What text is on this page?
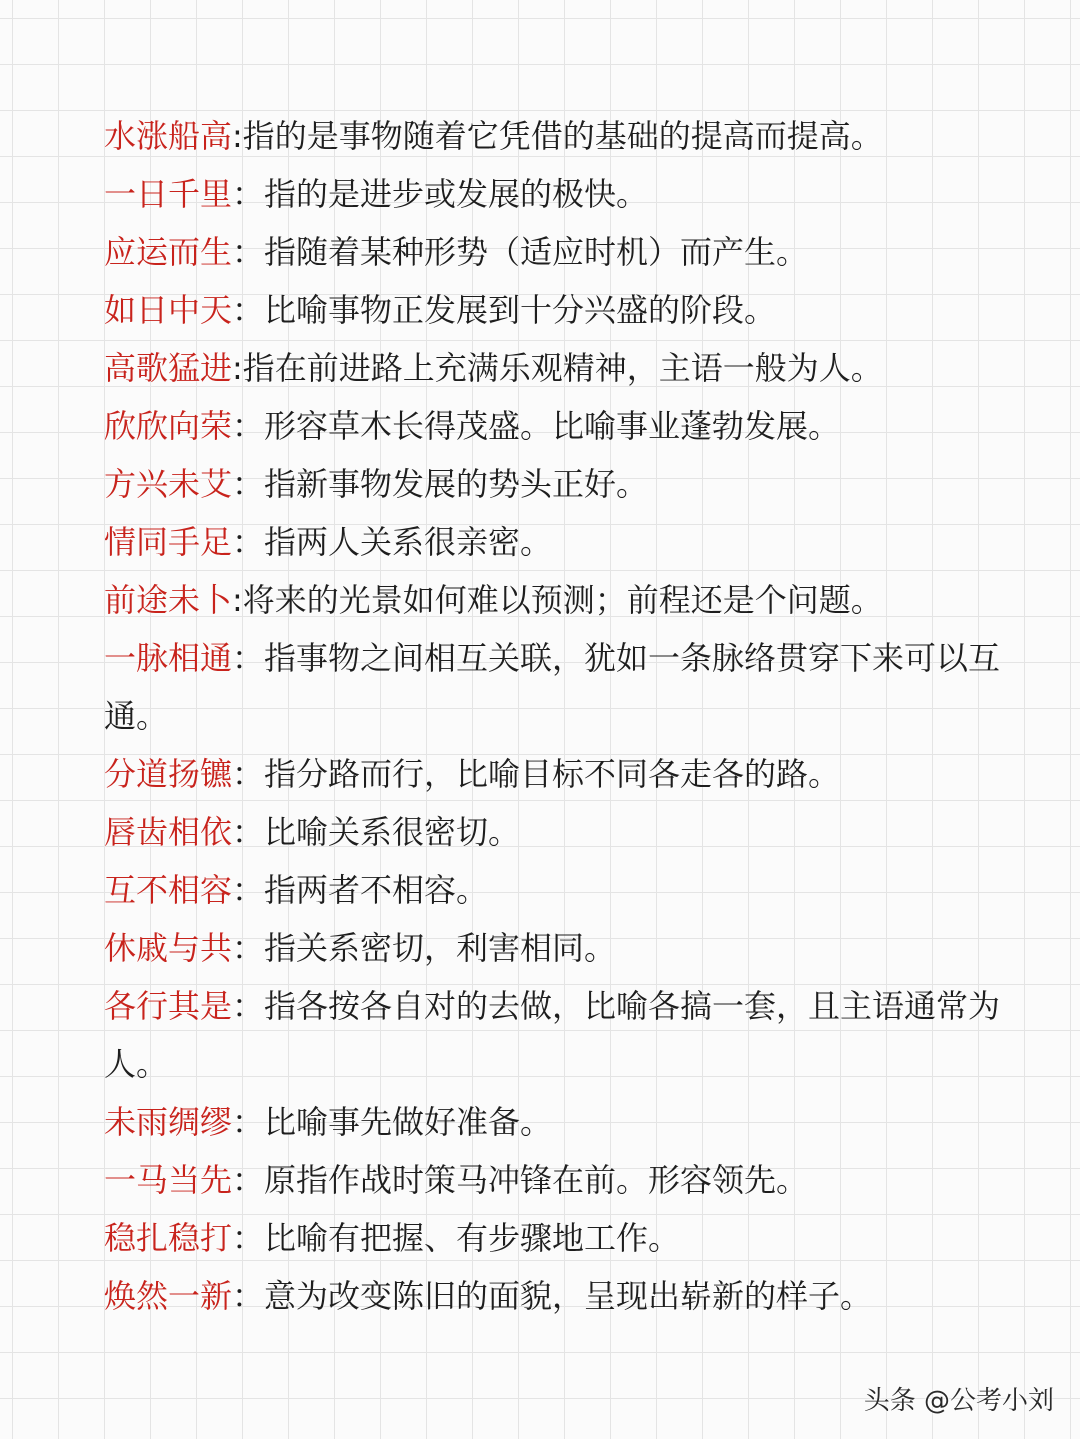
水涨船高:指的是事物随着它凭借的基础的提高而提高。
一日千里：指的是进步或发展的极快。
应运而生：指随着某种形势（适应时机）而产生。
如日中天：比喻事物正发展到十分兴盛的阶段。
高歌猛进:指在前进路上充满乐观精神，主语一般为人。
欣欣向荣：形容草木长得茂盛。比喻事业蓬勃发展。
方兴未艾：指新事物发展的势头正好。
情同手足：指两人关系很亲密。
前途未卜:将来的光景如何难以预测；前程还是个问题。
一脉相通：指事物之间相互关联，犹如一条脉络贯穿下来可以互通。
分道扬镳：指分路而行，比喻目标不同各走各的路。
唇齿相依：比喻关系很密切。
互不相容：指两者不相容。
休戚与共：指关系密切，利害相同。
各行其是：指各按各自对的去做，比喻各搞一套，且主语通常为人。
未雨绸缪：比喻事先做好准备。
一马当先：原指作战时策马冲锋在前。形容领先。
稳扎稳打：比喻有把握、有步骤地工作。
焕然一新：意为改变陈旧的面貌，呈现出崭新的样子。
头条 @公考小刘
